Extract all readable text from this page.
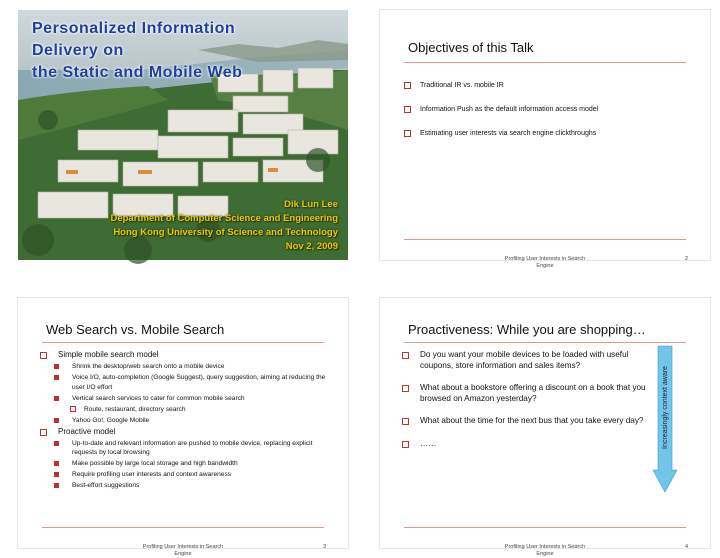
Personalized Information
Delivery on
the Static and Mobile Web
Dik Lun Lee
Department of Computer Science and Engineering
Hong Kong University of Science and Technology
Nov 2, 2009
Objectives of this Talk
Traditional IR vs. mobile IR
Information Push as the default information access model
Estimating user interests via search engine clickthroughs
Profiling User Interests in Search
Engine
2
Web Search vs. Mobile Search
Simple mobile search model
Shrink the desktop/web search onto a mobile device
Voice I/O, auto-completion (Google Suggest), query suggestion, aiming at reducing the user I/O effort
Vertical search services to cater for common mobile search
Route, restaurant, directory search
Yahoo Go!, Google Mobile
Proactive model
Up-to-date and relevant information are pushed to mobile device, replacing explicit requests by local browsing
Make possible by large local storage and high bandwidth
Require profiling user interests and context awareness
Best-effort suggestions
Profiling User Interests in Search
Engine
3
Proactiveness: While you are shopping…
Do you want your mobile devices to be loaded with useful coupons, store information and sales items?
What about a bookstore offering a discount on a book that you browsed on Amazon yesterday?
What about the time for the next bus that you take every day?
……	Increasingly context aware
Profiling User Interests in Search
Engine
4
